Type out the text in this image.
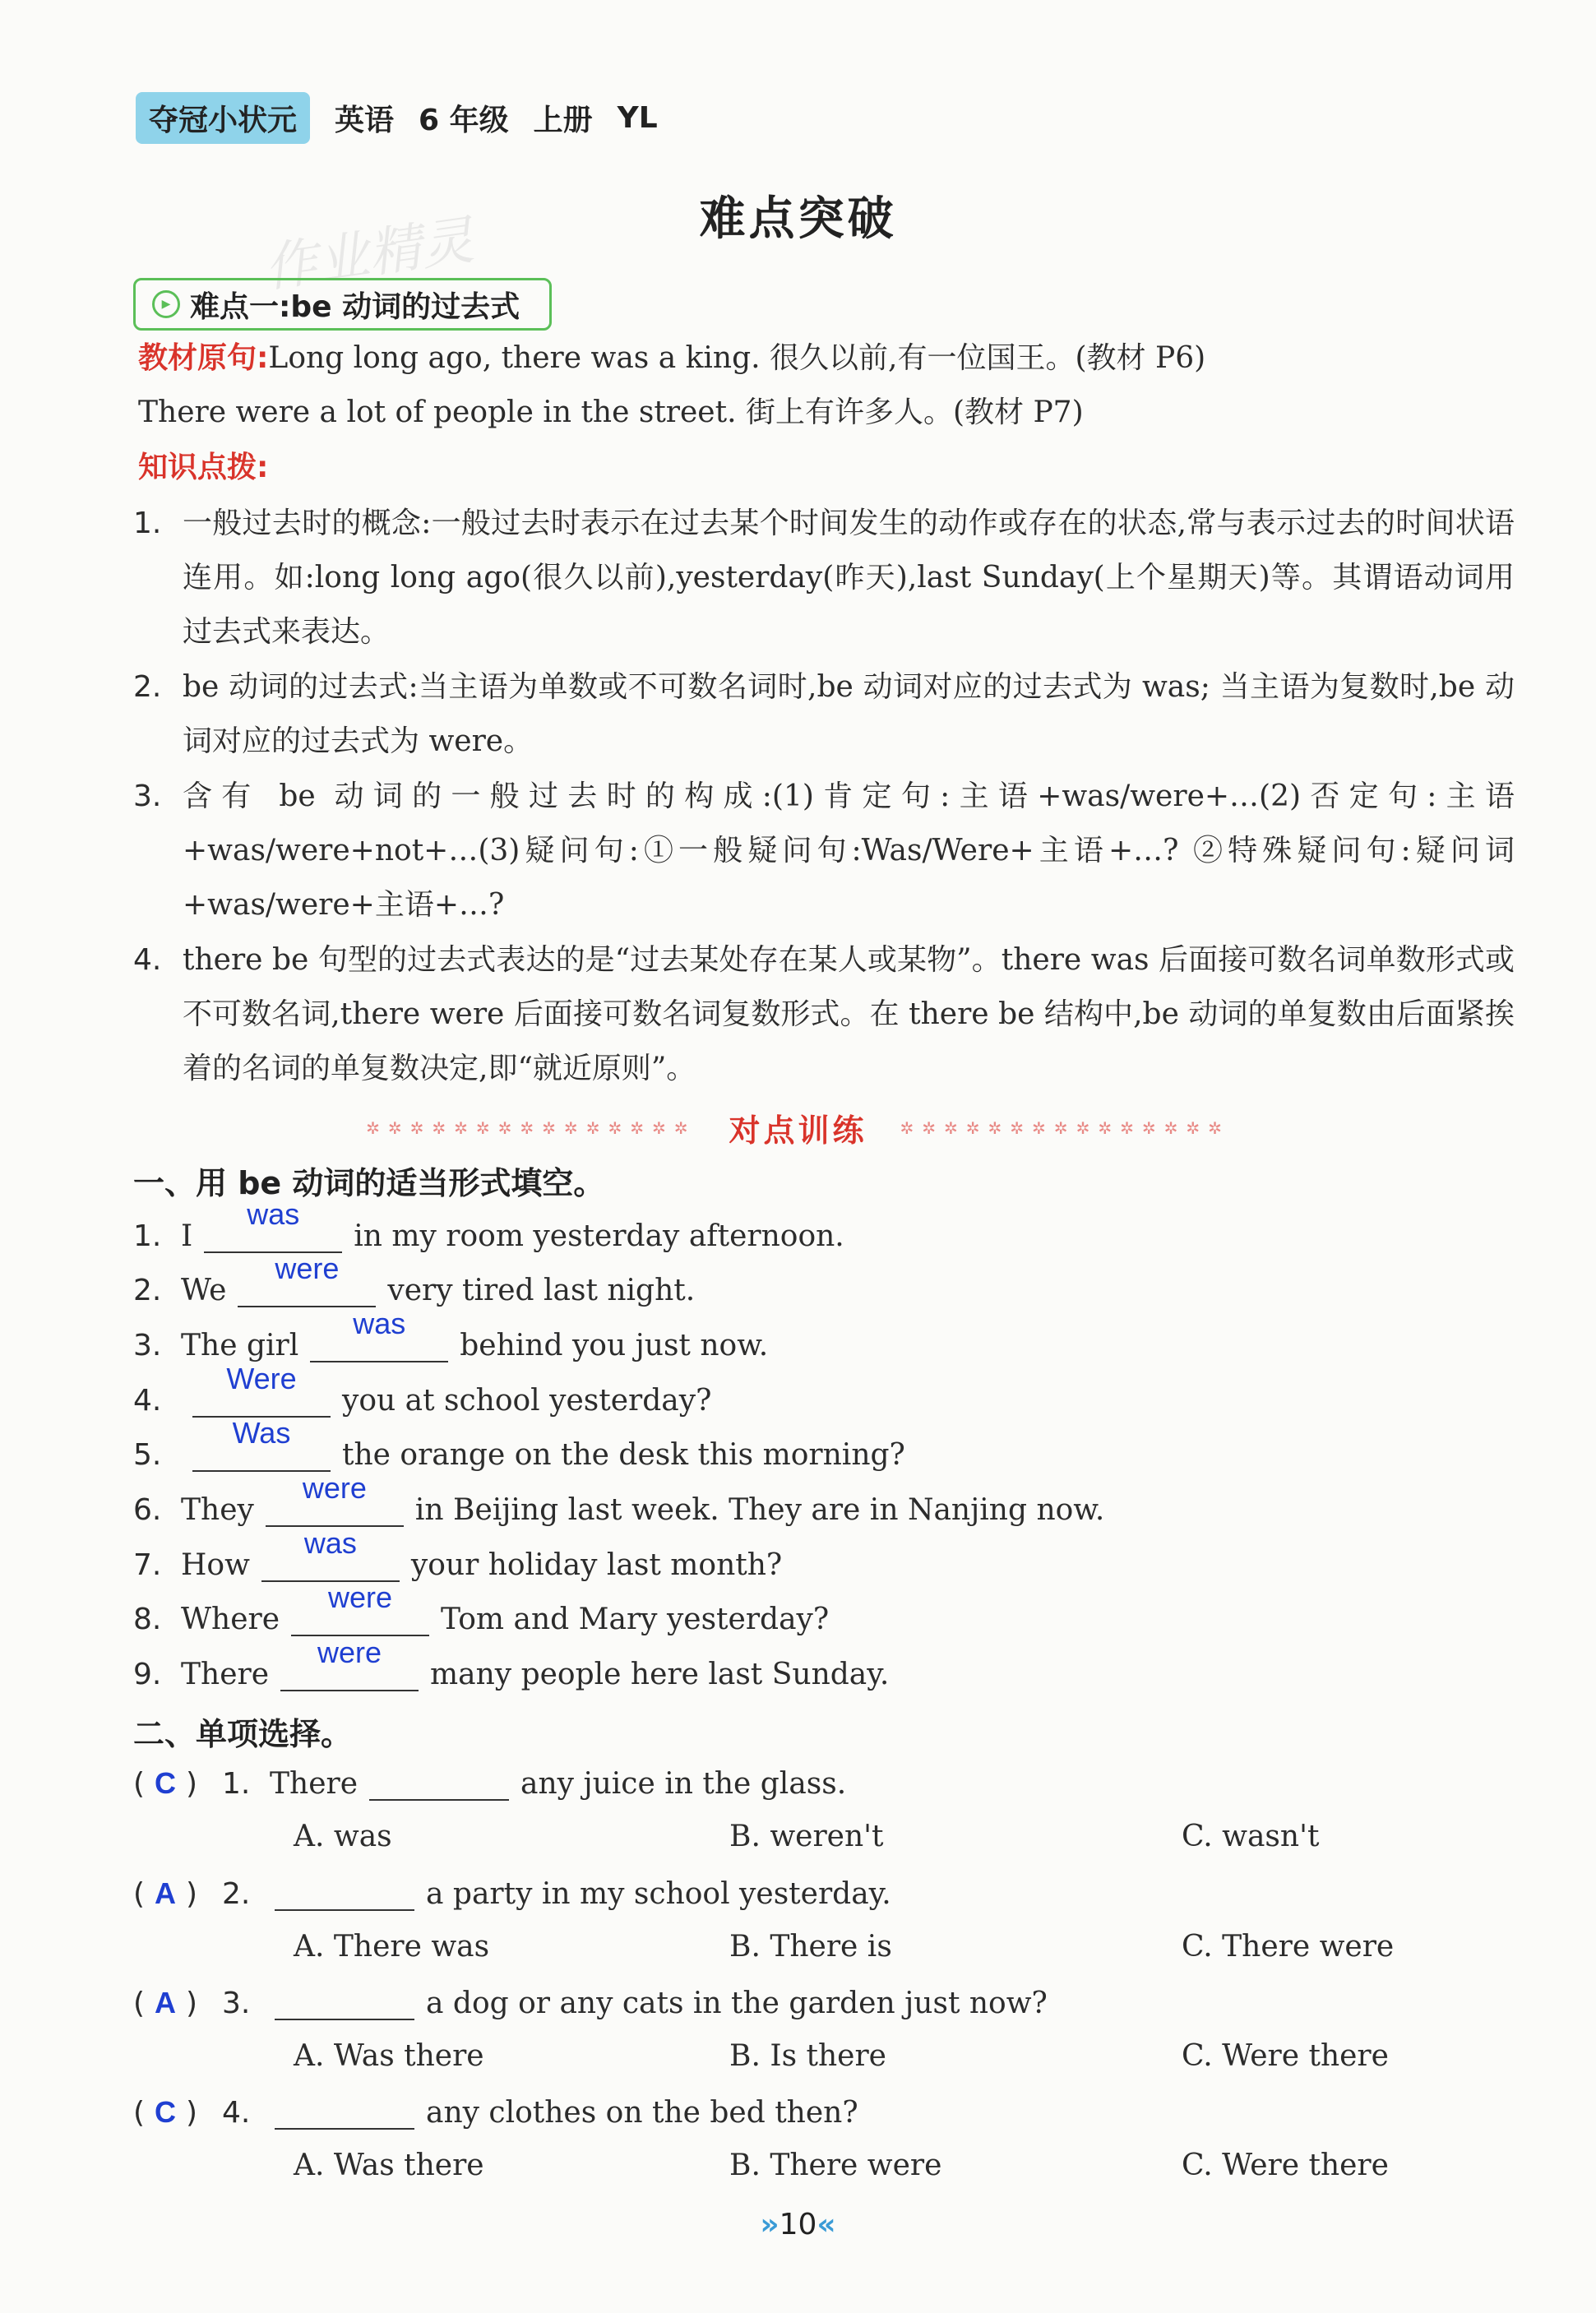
夺冠小状元	英语 6 年级 上册 YL
难点突破
作业精灵
▶ 难点一:be 动词的过去式
教材原句:Long long ago, there was a king. 很久以前,有一位国王。(教材 P6)
There were a lot of people in the street. 街上有许多人。(教材 P7)
知识点拨:
1. 一般过去时的概念:一般过去时表示在过去某个时间发生的动作或存在的状态,常与表示过去的时间状语连用。如:long long ago(很久以前),yesterday(昨天),last Sunday(上个星期天)等。其谓语动词用过去式来表达。
2. be 动词的过去式:当主语为单数或不可数名词时,be 动词对应的过去式为 was; 当主语为复数时,be 动词对应的过去式为 were。
3. 含有 be 动词的一般过去时的构成:(1)肯定句:主语+was/were+…(2)否定句:主语+was/were+not+…(3)疑问句:①一般疑问句:Was/Were+主语+…? ②特殊疑问句:疑问词+was/were+主语+…?
4. there be 句型的过去式表达的是“过去某处存在某人或某物”。there was 后面接可数名词单数形式或不可数名词,there were 后面接可数名词复数形式。在 there be 结构中,be 动词的单复数由后面紧挨着的名词的单复数决定,即“就近原则”。
✲✲✲✲✲✲✲✲✲✲✲✲✲✲✲ 对点训练 ✲✲✲✲✲✲✲✲✲✲✲✲✲✲✲
一、用 be 动词的适当形式填空。
1. I
was
in my room yesterday afternoon.
2. We
were
very tired last night.
3. The girl
was
behind you just now.
4.
Were
you at school yesterday?
5.
Was
the orange on the desk this morning?
6. They
were
in Beijing last week. They are in Nanjing now.
7. How
was
your holiday last month?
8. Where
were
Tom and Mary yesterday?
9. There
were
many people here last Sunday.
二、单项选择。
( C ) 1. There	any juice in the glass.
A. was	B. weren't	C. wasn't
( A ) 2.	a party in my school yesterday.
A. There was	B. There is	C. There were
( A ) 3.	a dog or any cats in the garden just now?
A. Was there	B. Is there	C. Were there
( C ) 4.	any clothes on the bed then?
A. Was there	B. There were	C. Were there
»10«
